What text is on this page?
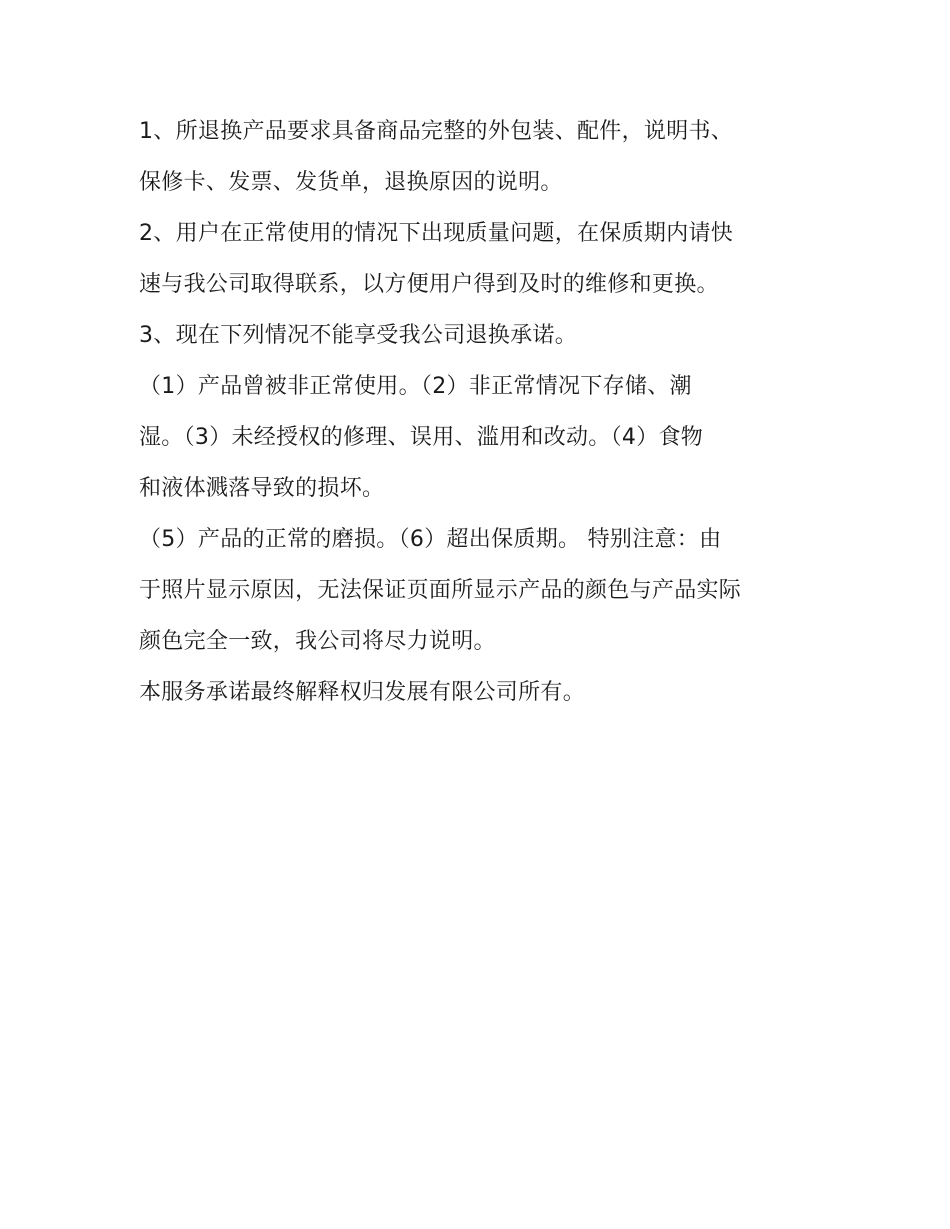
1、所退换产品要求具备商品完整的外包装、配件，说明书、
保修卡、发票、发货单，退换原因的说明。
2、用户在正常使用的情况下出现质量问题，在保质期内请快
速与我公司取得联系，以方便用户得到及时的维修和更换。
3、现在下列情况不能享受我公司退换承诺。
（1）产品曾被非正常使用。（2）非正常情况下存储、潮
湿。（3）未经授权的修理、误用、滥用和改动。（4）食物
和液体溅落导致的损坏。
（5）产品的正常的磨损。（6）超出保质期。 特别注意：由
于照片显示原因，无法保证页面所显示产品的颜色与产品实际
颜色完全一致，我公司将尽力说明。
本服务承诺最终解释权归发展有限公司所有。
